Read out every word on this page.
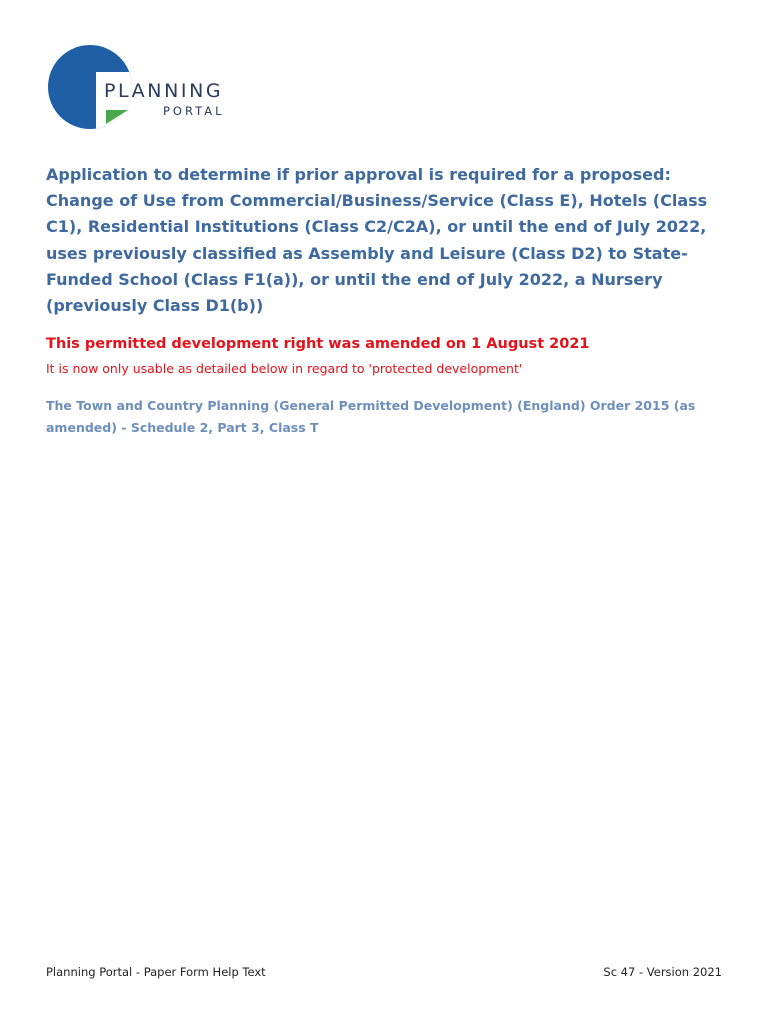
PLANNING
PORTAL
Application to determine if prior approval is required for a proposed: Change of Use from Commercial/Business/Service (Class E), Hotels (Class C1), Residential Institutions (Class C2/C2A), or until the end of July 2022, uses previously classified as Assembly and Leisure (Class D2) to State-Funded School (Class F1(a)), or until the end of July 2022, a Nursery (previously Class D1(b))

This permitted development right was amended on 1 August 2021

It is now only usable as detailed below in regard to 'protected development'

The Town and Country Planning (General Permitted Development) (England) Order 2015 (as amended) - Schedule 2, Part 3, Class T

Planning Portal - Paper Form Help Text	Sc 47 - Version 2021
